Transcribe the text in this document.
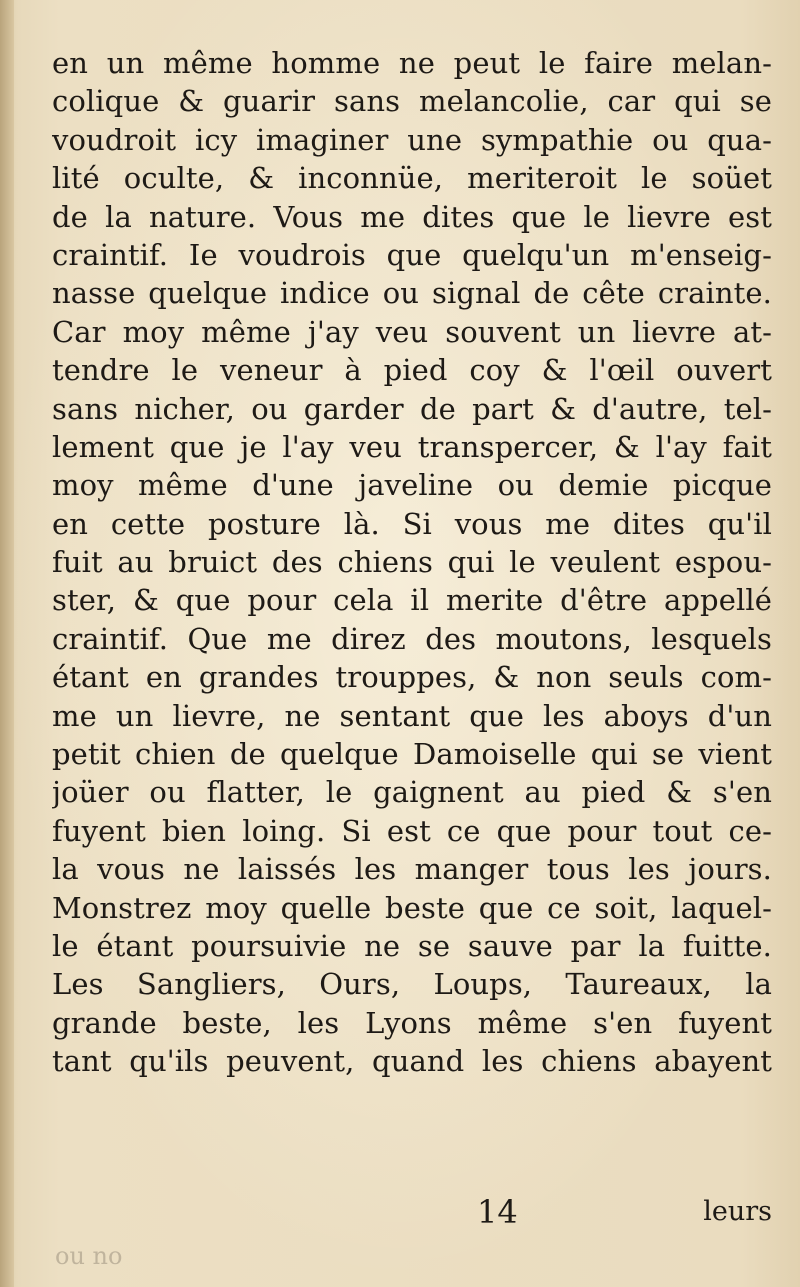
en un même homme ne peut le faire melan-
colique & guarir sans melancolie, car qui se
voudroit icy imaginer une sympathie ou qua-
lité oculte, & inconnüe, meriteroit le soüet
de la nature. Vous me dites que le lievre est
craintif. Ie voudrois que quelqu'un m'enseig-
nasse quelque indice ou signal de cête crainte.
Car moy même j'ay veu souvent un lievre at-
tendre le veneur à pied coy & l'œil ouvert
sans nicher, ou garder de part & d'autre, tel-
lement que je l'ay veu transpercer, & l'ay fait
moy même d'une javeline ou demie picque
en cette posture là. Si vous me dites qu'il
fuit au bruict des chiens qui le veulent espou-
ster, & que pour cela il merite d'être appellé
craintif. Que me direz des moutons, lesquels
étant en grandes trouppes, & non seuls com-
me un lievre, ne sentant que les aboys d'un
petit chien de quelque Damoiselle qui se vient
joüer ou flatter, le gaignent au pied & s'en
fuyent bien loing. Si est ce que pour tout ce-
la vous ne laissés les manger tous les jours.
Monstrez moy quelle beste que ce soit, laquel-
le étant poursuivie ne se sauve par la fuitte.
Les Sangliers, Ours, Loups, Taureaux, la
grande beste, les Lyons même s'en fuyent
tant qu'ils peuvent, quand les chiens abayent
14	leurs
ou no
